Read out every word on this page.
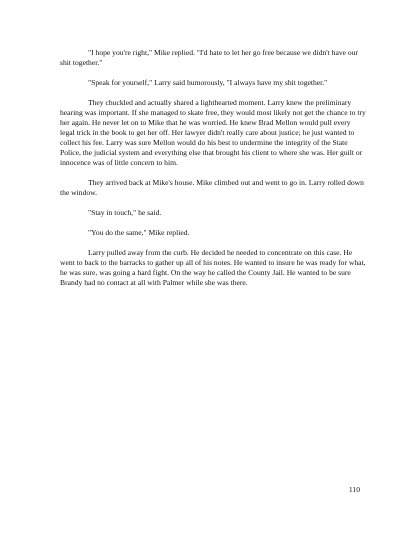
"I hope you're right," Mike replied. "I'd hate to let her go free because we didn't have our shit together."

"Speak for yourself," Larry said humorously, "I always have my shit together."

They chuckled and actually shared a lighthearted moment. Larry knew the preliminary hearing was important. If she managed to skate free, they would most likely not get the chance to try her again. He never let on to Mike that he was worried. He knew Brad Mellon would pull every legal trick in the book to get her off. Her lawyer didn't really care about justice; he just wanted to collect his fee. Larry was sure Mellon would do his best to undermine the integrity of the State Police, the judicial system and everything else that brought his client to where she was. Her guilt or innocence was of little concern to him.

They arrived back at Mike's house. Mike climbed out and went to go in. Larry rolled down the window.

"Stay in touch," he said.

"You do the same," Mike replied.

Larry pulled away from the curb. He decided he needed to concentrate on this case. He went to back to the barracks to gather up all of his notes. He wanted to insure he was ready for what, he was sure, was going a hard fight. On the way he called the County Jail. He wanted to be sure Brandy had no contact at all with Palmer while she was there.

110
